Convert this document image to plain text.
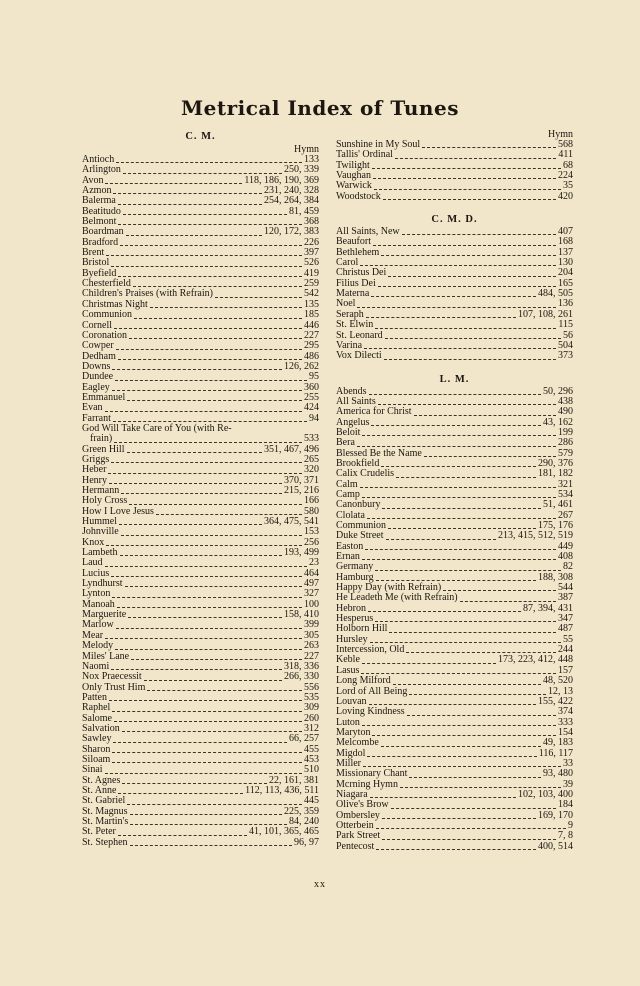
Metrical Index of Tunes
C. M.
Hymn
Antioch	133
Arlington	250, 339
Avon	118, 186, 190, 369
Azmon	231, 240, 328
Balerma	254, 264, 384
Beatitudo	81, 459
Belmont	368
Boardman	120, 172, 383
Bradford	226
Brent	397
Bristol	526
Byefield	419
Chesterfield	259
Children's Praises (with Refrain)	542
Christmas Night	135
Communion	185
Cornell	446
Coronation	227
Cowper	295
Dedham	486
Downs	126, 262
Dundee	95
Eagley	360
Emmanuel	255
Evan	424
Farrant	94
God Will Take Care of You (with Re-
frain)	533
Green Hill	351, 467, 496
Griggs	265
Heber	320
Henry	370, 371
Hermann	215, 216
Holy Cross	166
How I Love Jesus	580
Hummel	364, 475, 541
Johnville	153
Knox	256
Lambeth	193, 499
Laud	23
Lucius	464
Lyndhurst	497
Lynton	327
Manoah	100
Marguerite	158, 410
Marlow	399
Mear	305
Melody	263
Miles' Lane	227
Naomi	318, 336
Nox Praecessit	266, 330
Only Trust Him	556
Patten	535
Raphel	309
Salome	260
Salvation	312
Sawley	66, 257
Sharon	455
Siloam	453
Sinai	510
St. Agnes	22, 161, 381
St. Anne	112, 113, 436, 511
St. Gabriel	445
St. Magnus	225, 359
St. Martin's	84, 240
St. Peter	41, 101, 365, 465
St. Stephen	96, 97
Hymn
Sunshine in My Soul	568
Tallis' Ordinal	411
Twilight	68
Vaughan	224
Warwick	35
Woodstock	420
C. M. D.
All Saints, New	407
Beaufort	168
Bethlehem	137
Carol	130
Christus Dei	204
Filius Dei	165
Materna	484, 505
Noel	136
Seraph	107, 108, 261
St. Elwin	115
St. Leonard	56
Varina	504
Vox Dilecti	373
L. M.
Abends	50, 296
All Saints	438
America for Christ	490
Angelus	43, 162
Beloit	199
Bera	286
Blessed Be the Name	579
Brookfield	290, 376
Calix Crudelis	181, 182
Calm	321
Camp	534
Canonbury	51, 461
Clolata	267
Communion	175, 176
Duke Street	213, 415, 512, 519
Easton	449
Ernan	408
Germany	82
Hamburg	188, 308
Happy Day (with Refrain)	544
He Leadeth Me (with Refrain)	387
Hebron	87, 394, 431
Hesperus	347
Holborn Hill	487
Hursley	55
Intercession, Old	244
Keble	173, 223, 412, 448
Lasus	157
Long Milford	48, 520
Lord of All Being	12, 13
Louvan	155, 422
Loving Kindness	374
Luton	333
Maryton	154
Melcombe	49, 183
Migdol	116, 117
Miller	33
Missionary Chant	93, 480
Mcrning Hymn	39
Niagara	102, 103, 400
Olive's Brow	184
Ombersley	169, 170
Otterbein	9
Park Street	7, 8
Pentecost	400, 514
xx
